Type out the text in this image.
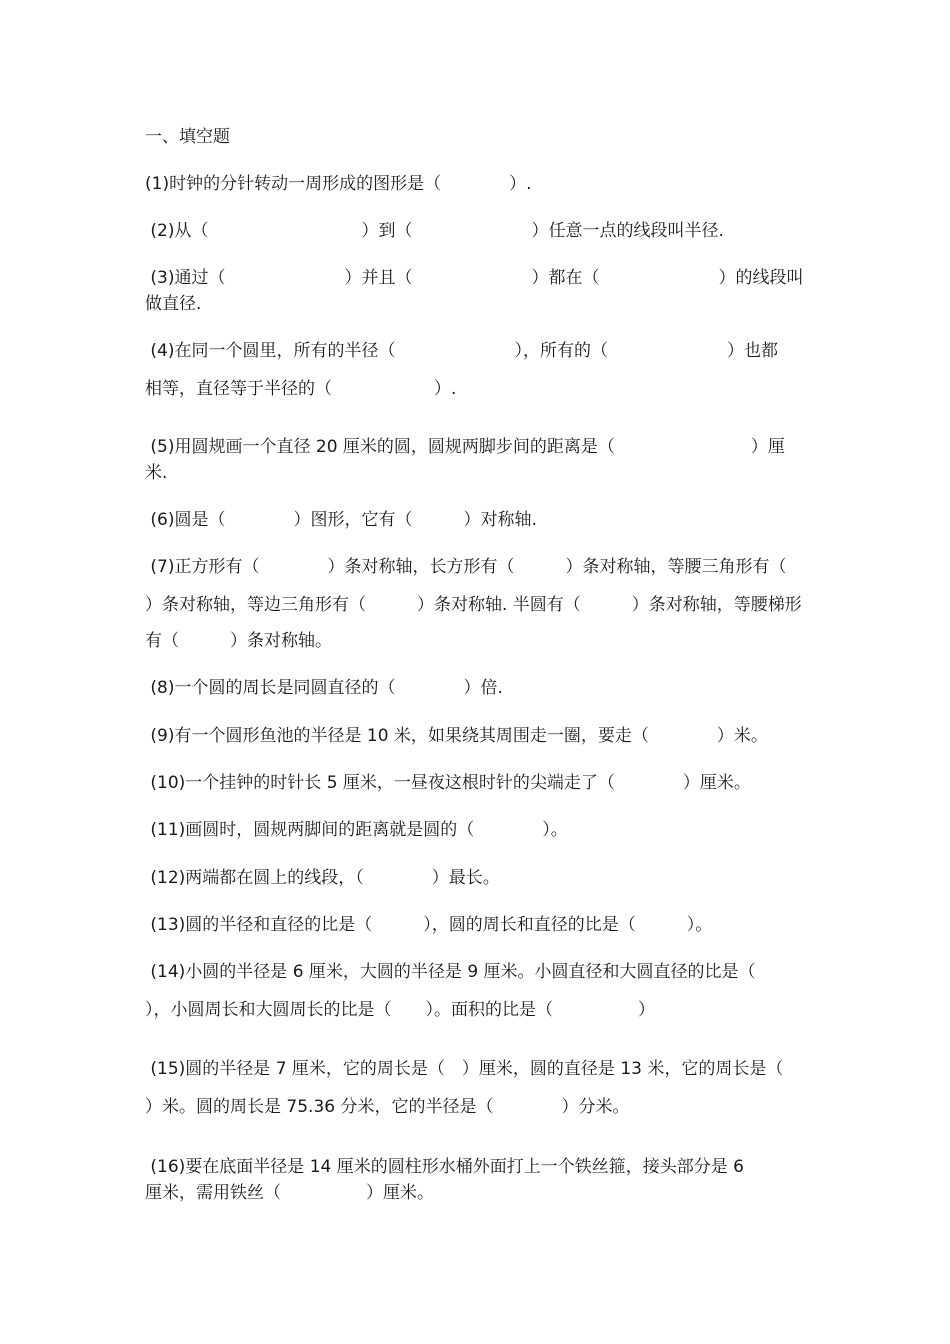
一、填空题
(1)时钟的分针转动一周形成的图形是（　　　　）.
(2)从（　　　　　　　　　）到（　　　　　　　）任意一点的线段叫半径.
(3)通过（　　　　　　　）并且（　　　　　　　）都在（　　　　　　　）的线段叫
做直径.
(4)在同一个圆里，所有的半径（　　　　　　　），所有的（　　　　　　　）也都
相等，直径等于半径的（　　　　　　）.
(5)用圆规画一个直径 20 厘米的圆，圆规两脚步间的距离是（　　　　　　　　）厘
米.
(6)圆是（　　　　）图形，它有（　　　）对称轴.
(7)正方形有（　　　　）条对称轴，长方形有（　　　）条对称轴，等腰三角形有（
）条对称轴，等边三角形有（　　　）条对称轴. 半圆有（　　　）条对称轴，等腰梯形
有（　　　）条对称轴。
(8)一个圆的周长是同圆直径的（　　　　）倍.
(9)有一个圆形鱼池的半径是 10 米，如果绕其周围走一圈，要走（　　　　）米。
(10)一个挂钟的时针长 5 厘米，一昼夜这根时针的尖端走了（　　　　）厘米。
(11)画圆时，圆规两脚间的距离就是圆的（　　　　）。
(12)两端都在圆上的线段，（　　　　）最长。
(13)圆的半径和直径的比是（　　　），圆的周长和直径的比是（　　　）。
(14)小圆的半径是 6 厘米，大圆的半径是 9 厘米。小圆直径和大圆直径的比是（
），小圆周长和大圆周长的比是（　　）。面积的比是（　　　　　）
(15)圆的半径是 7 厘米，它的周长是（　）厘米，圆的直径是 13 米，它的周长是（
）米。圆的周长是 75.36 分米，它的半径是（　　　　）分米。
(16)要在底面半径是 14 厘米的圆柱形水桶外面打上一个铁丝箍，接头部分是 6
厘米，需用铁丝（　　　　　）厘米。
